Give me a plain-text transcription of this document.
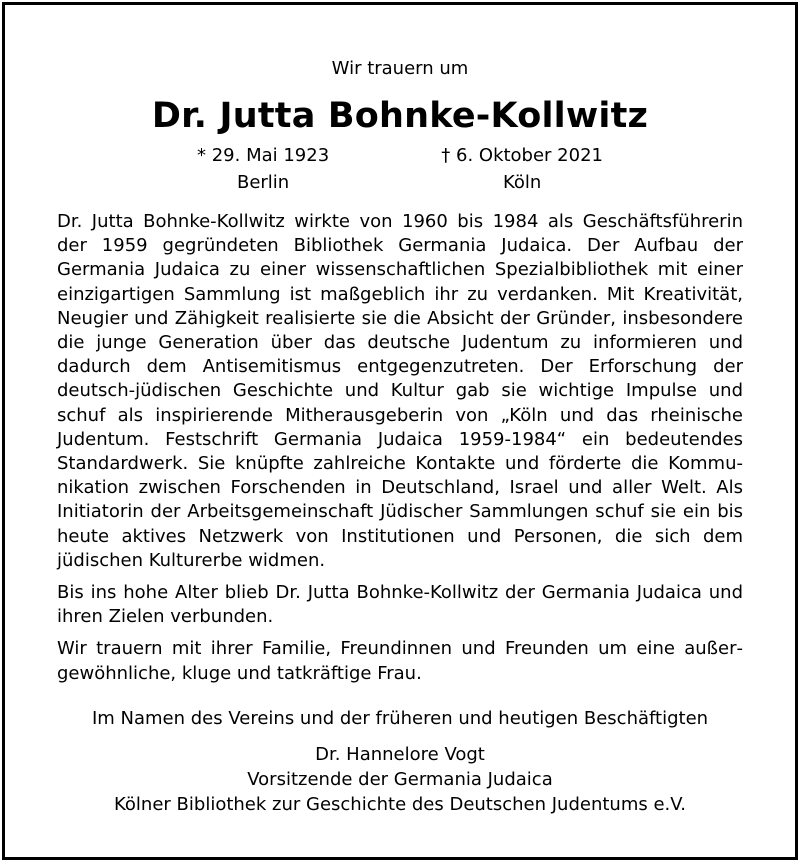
Wir trauern um
Dr. Jutta Bohnke-Kollwitz
* 29. Mai 1923
Berlin
† 6. Oktober 2021
Köln

Dr. Jutta Bohnke-Kollwitz wirkte von 1960 bis 1984 als Geschäftsführerin der 1959 gegründeten Bibliothek Germania Judaica. Der Aufbau der Germania Judaica zu einer wissenschaftlichen Spezialbibliothek mit einer einzigartigen Sammlung ist maßgeblich ihr zu verdanken. Mit Kreativität, Neugier und Zähigkeit realisierte sie die Absicht der Gründer, insbesondere die junge Generation über das deutsche Judentum zu informieren und dadurch dem Antisemitismus entgegenzutreten. Der Erforschung der deutsch-jüdischen Geschichte und Kultur gab sie wichtige Impulse und schuf als inspirierende Mitherausgeberin von „Köln und das rheinische Judentum. Festschrift Germania Judaica 1959-1984“ ein bedeutendes Standardwerk. Sie knüpfte zahlreiche Kontakte und förderte die Kommunikation zwischen Forschenden in Deutschland, Israel und aller Welt. Als Initiatorin der Arbeitsgemeinschaft Jüdischer Sammlungen schuf sie ein bis heute aktives Netzwerk von Institutionen und Personen, die sich dem jüdischen Kulturerbe widmen.

Bis ins hohe Alter blieb Dr. Jutta Bohnke-Kollwitz der Germania Judaica und ihren Zielen verbunden.

Wir trauern mit ihrer Familie, Freundinnen und Freunden um eine außergewöhnliche, kluge und tatkräftige Frau.

Im Namen des Vereins und der früheren und heutigen Beschäftigten
Dr. Hannelore Vogt
Vorsitzende der Germania Judaica
Kölner Bibliothek zur Geschichte des Deutschen Judentums e.V.
